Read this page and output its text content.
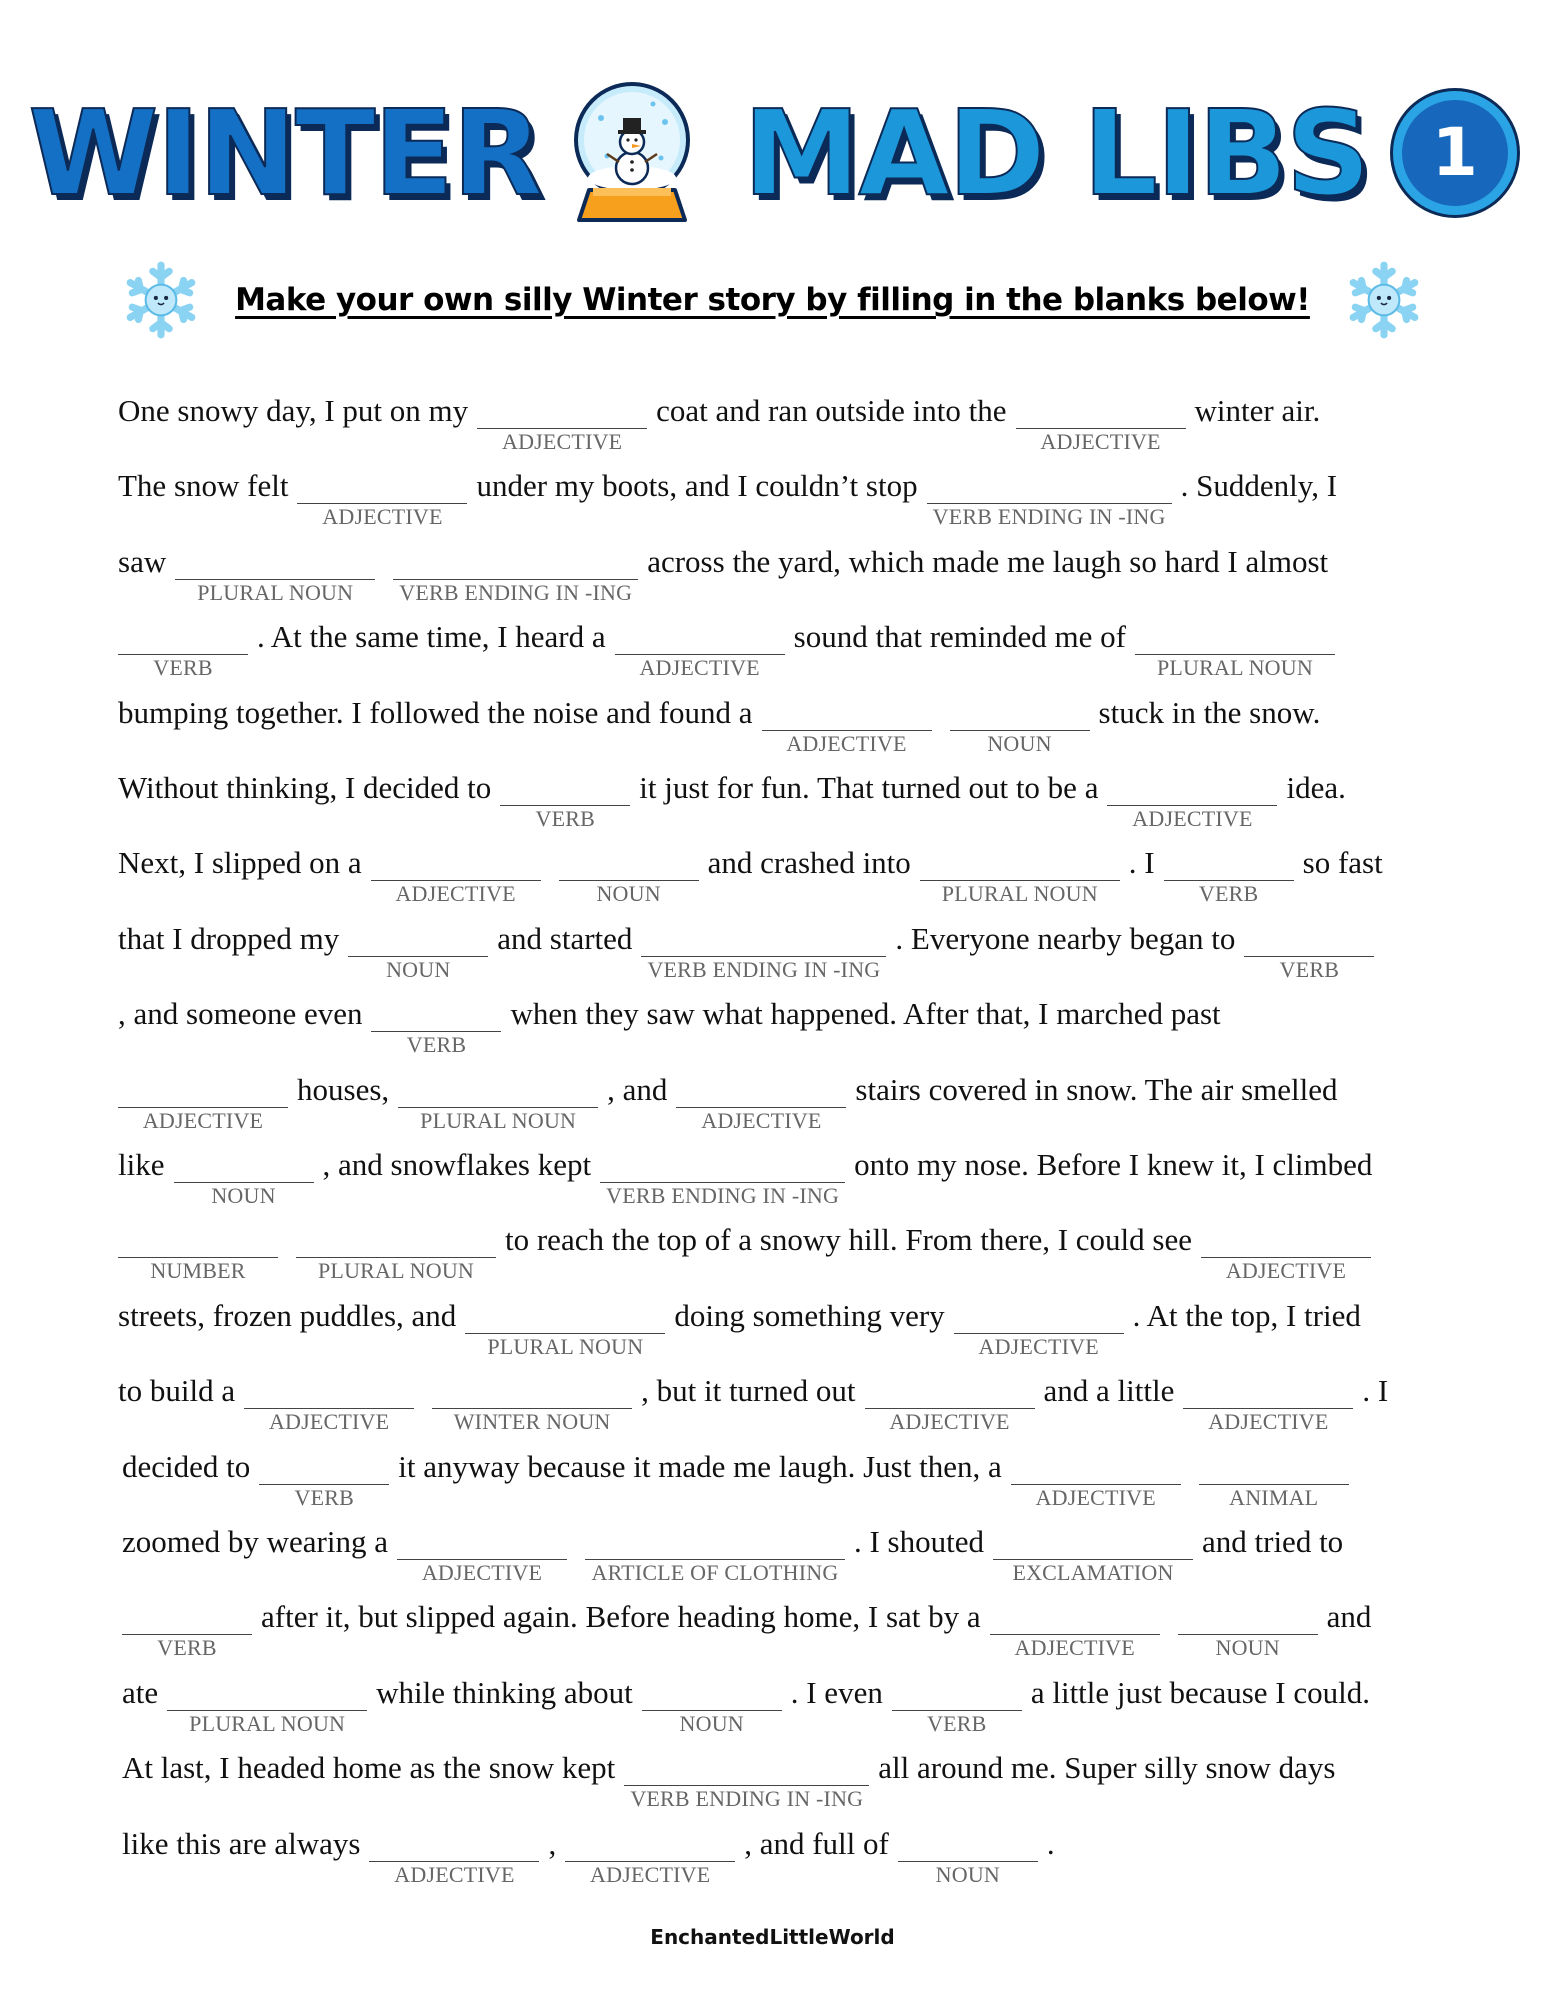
WINTER MAD LIBS 1
Make your own silly Winter story by filling in the blanks below!
One snowy day, I put on my
ADJECTIVE
coat and ran outside into the
ADJECTIVE
winter air.
The snow felt
ADJECTIVE
under my boots, and I couldn’t stop
VERB ENDING IN -ING
. Suddenly, I
saw
PLURAL NOUN VERB ENDING IN -ING
across the yard, which made me laugh so hard I almost
VERB
. At the same time, I heard a
ADJECTIVE
sound that reminded me of
PLURAL NOUN
bumping together. I followed the noise and found a
ADJECTIVE	NOUN
stuck in the snow.
Without thinking, I decided to
VERB
it just for fun. That turned out to be a
ADJECTIVE
idea.
Next, I slipped on a
ADJECTIVE	NOUN
and crashed into
PLURAL NOUN
. I
VERB
so fast
that I dropped my
NOUN
and started
VERB ENDING IN -ING
. Everyone nearby began to
VERB
, and someone even
VERB
when they saw what happened. After that, I marched past
ADJECTIVE
houses,
PLURAL NOUN
, and
ADJECTIVE
stairs covered in snow. The air smelled
like
NOUN
, and snowflakes kept
VERB ENDING IN -ING
onto my nose. Before I knew it, I climbed
NUMBER	PLURAL NOUN
to reach the top of a snowy hill. From there, I could see
ADJECTIVE
streets, frozen puddles, and
PLURAL NOUN
doing something very
ADJECTIVE
. At the top, I tried
to build a
ADJECTIVE	WINTER NOUN
, but it turned out
ADJECTIVE
and a little
ADJECTIVE
. I
decided to
VERB
it anyway because it made me laugh. Just then, a
ADJECTIVE	ANIMAL
zoomed by wearing a
ADJECTIVE ARTICLE OF CLOTHING
. I shouted
EXCLAMATION
and tried to
VERB
after it, but slipped again. Before heading home, I sat by a
ADJECTIVE	NOUN
and
ate
PLURAL NOUN
while thinking about
NOUN
. I even
VERB
a little just because I could.
At last, I headed home as the snow kept
VERB ENDING IN -ING
all around me. Super silly snow days
like this are always
ADJECTIVE
,
ADJECTIVE
, and full of
NOUN
.
EnchantedLittleWorld
